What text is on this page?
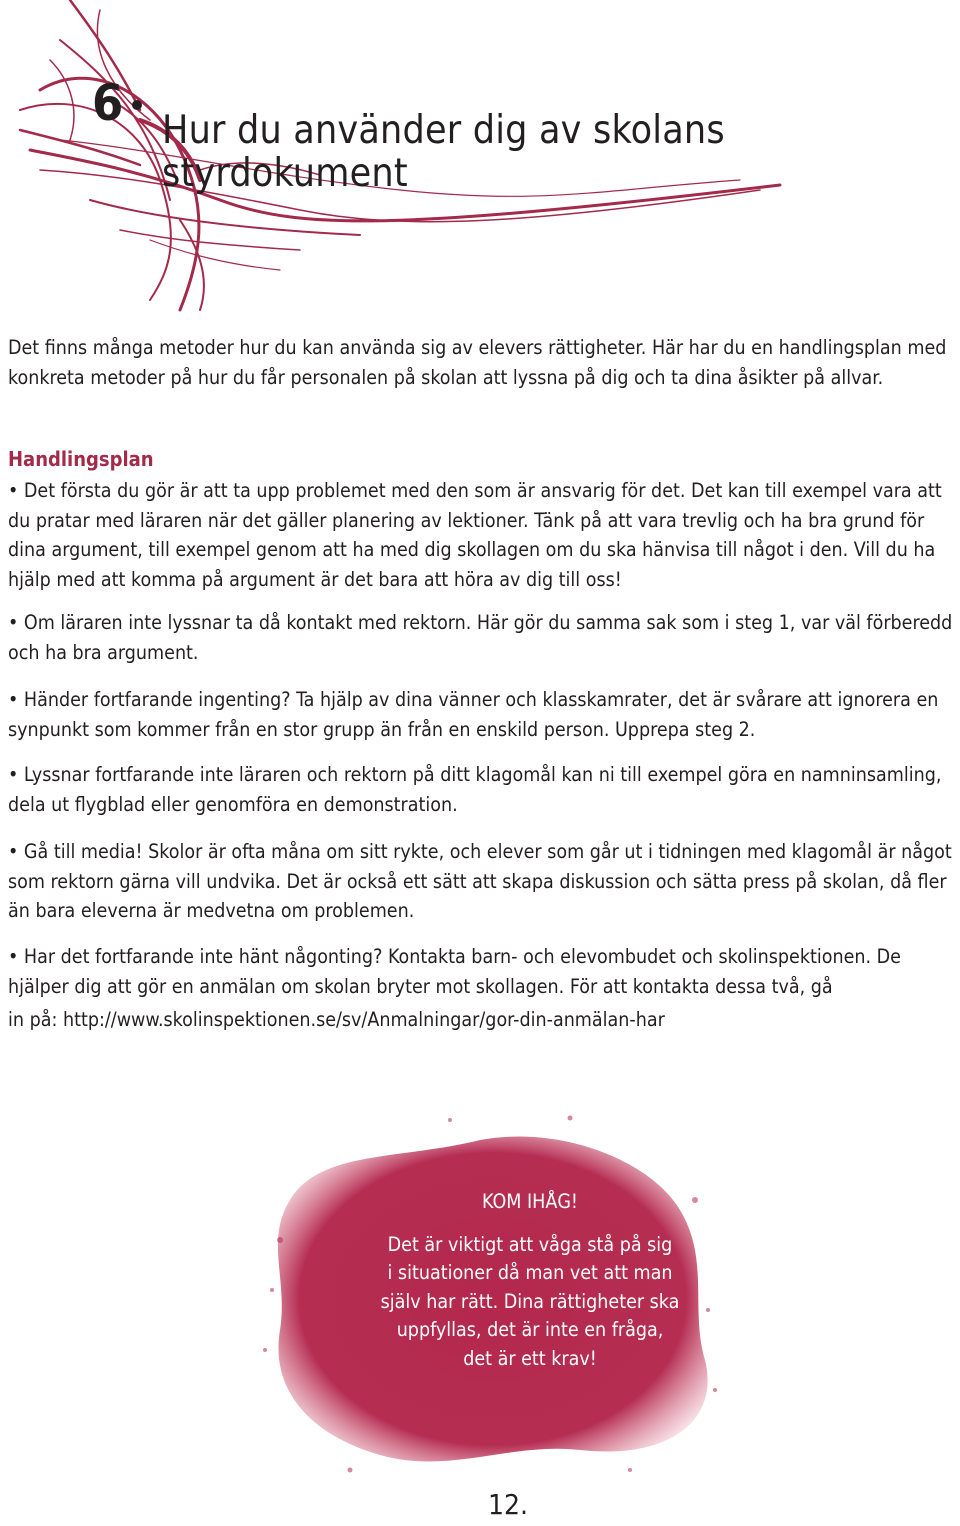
6 Hur du använder dig av skolans styrdokument
Det finns många metoder hur du kan använda sig av elevers rättigheter. Här har du en handlingsplan med konkreta metoder på hur du får personalen på skolan att lyssna på dig och ta dina åsikter på allvar.
Handlingsplan
• Det första du gör är att ta upp problemet med den som är ansvarig för det. Det kan till exempel vara att du pratar med läraren när det gäller planering av lektioner. Tänk på att vara trevlig och ha bra grund för dina argument, till exempel genom att ha med dig skollagen om du ska hänvisa till något i den. Vill du ha hjälp med att komma på argument är det bara att höra av dig till oss!
• Om läraren inte lyssnar ta då kontakt med rektorn. Här gör du samma sak som i steg 1, var väl förberedd och ha bra argument.
• Händer fortfarande ingenting? Ta hjälp av dina vänner och klasskamrater, det är svårare att ignorera en synpunkt som kommer från en stor grupp än från en enskild person. Upprepa steg 2.
• Lyssnar fortfarande inte läraren och rektorn på ditt klagomål kan ni till exempel göra en namninsamling, dela ut flygblad eller genomföra en demonstration.
• Gå till media! Skolor är ofta måna om sitt rykte, och elever som går ut i tidningen med klagomål är något som rektorn gärna vill undvika. Det är också ett sätt att skapa diskussion och sätta press på skolan, då fler än bara eleverna är medvetna om problemen.
• Har det fortfarande inte hänt någonting? Kontakta barn- och elevombudet och skolinspektionen. De hjälper dig att gör en anmälan om skolan bryter mot skollagen. För att kontakta dessa två, gå
in på: http://www.skolinspektionen.se/sv/Anmalningar/gor-din-anmälan-har
KOM IHÅG!
Det är viktigt att våga stå på sig
i situationer då man vet att man
själv har rätt. Dina rättigheter ska
uppfyllas, det är inte en fråga,
det är ett krav!
12.
